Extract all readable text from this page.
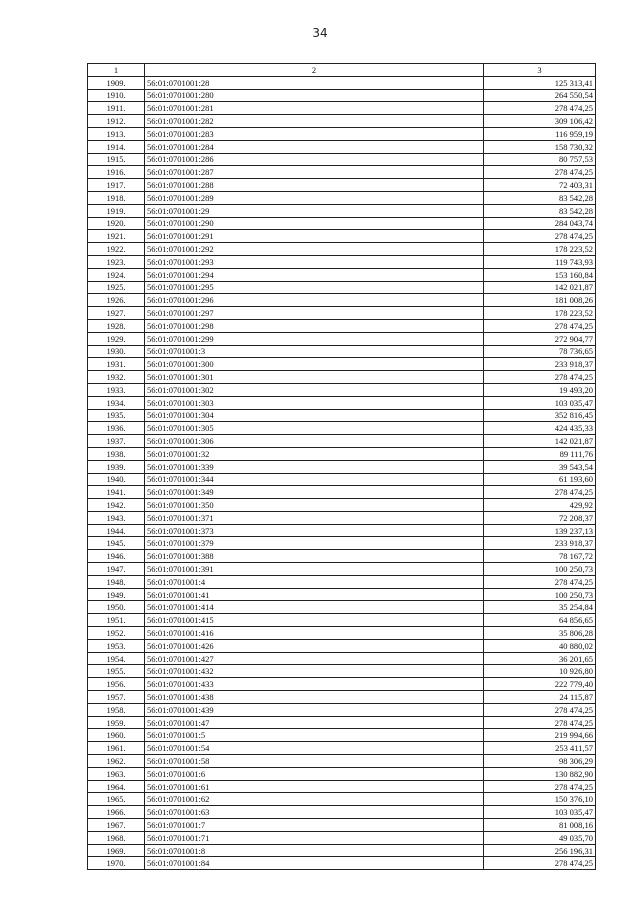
34
1	2	3
1909.	56:01:0701001:28	125 313,41
1910.	56:01:0701001:280	264 550,54
1911.	56:01:0701001:281	278 474,25
1912.	56:01:0701001:282	309 106,42
1913.	56:01:0701001:283	116 959,19
1914.	56:01:0701001:284	158 730,32
1915.	56:01:0701001:286	80 757,53
1916.	56:01:0701001:287	278 474,25
1917.	56:01:0701001:288	72 403,31
1918.	56:01:0701001:289	83 542,28
1919.	56:01:0701001:29	83 542,28
1920.	56:01:0701001:290	284 043,74
1921.	56:01:0701001:291	278 474,25
1922.	56:01:0701001:292	178 223,52
1923.	56:01:0701001:293	119 743,93
1924.	56:01:0701001:294	153 160,84
1925.	56:01:0701001:295	142 021,87
1926.	56:01:0701001:296	181 008,26
1927.	56:01:0701001:297	178 223,52
1928.	56:01:0701001:298	278 474,25
1929.	56:01:0701001:299	272 904,77
1930.	56:01:0701001:3	78 736,65
1931.	56:01:0701001:300	233 918,37
1932.	56:01:0701001:301	278 474,25
1933.	56:01:0701001:302	19 493,20
1934.	56:01:0701001:303	103 035,47
1935.	56:01:0701001:304	352 816,45
1936.	56:01:0701001:305	424 435,33
1937.	56:01:0701001:306	142 021,87
1938.	56:01:0701001:32	89 111,76
1939.	56:01:0701001:339	39 543,54
1940.	56:01:0701001:344	61 193,60
1941.	56:01:0701001:349	278 474,25
1942.	56:01:0701001:350	429,92
1943.	56:01:0701001:371	72 208,37
1944.	56:01:0701001:373	139 237,13
1945.	56:01:0701001:379	233 918,37
1946.	56:01:0701001:388	78 167,72
1947.	56:01:0701001:391	100 250,73
1948.	56:01:0701001:4	278 474,25
1949.	56:01:0701001:41	100 250,73
1950.	56:01:0701001:414	35 254,84
1951.	56:01:0701001:415	64 856,65
1952.	56:01:0701001:416	35 806,28
1953.	56:01:0701001:426	40 880,02
1954.	56:01:0701001:427	36 201,65
1955.	56:01:0701001:432	10 926,80
1956.	56:01:0701001:433	222 779,40
1957.	56:01:0701001:438	24 115,87
1958.	56:01:0701001:439	278 474,25
1959.	56:01:0701001:47	278 474,25
1960.	56:01:0701001:5	219 994,66
1961.	56:01:0701001:54	253 411,57
1962.	56:01:0701001:58	98 306,29
1963.	56:01:0701001:6	130 882,90
1964.	56:01:0701001:61	278 474,25
1965.	56:01:0701001:62	150 376,10
1966.	56:01:0701001:63	103 035,47
1967.	56:01:0701001:7	81 008,16
1968.	56:01:0701001:71	49 035,70
1969.	56:01:0701001:8	256 196,31
1970.	56:01:0701001:84	278 474,25
